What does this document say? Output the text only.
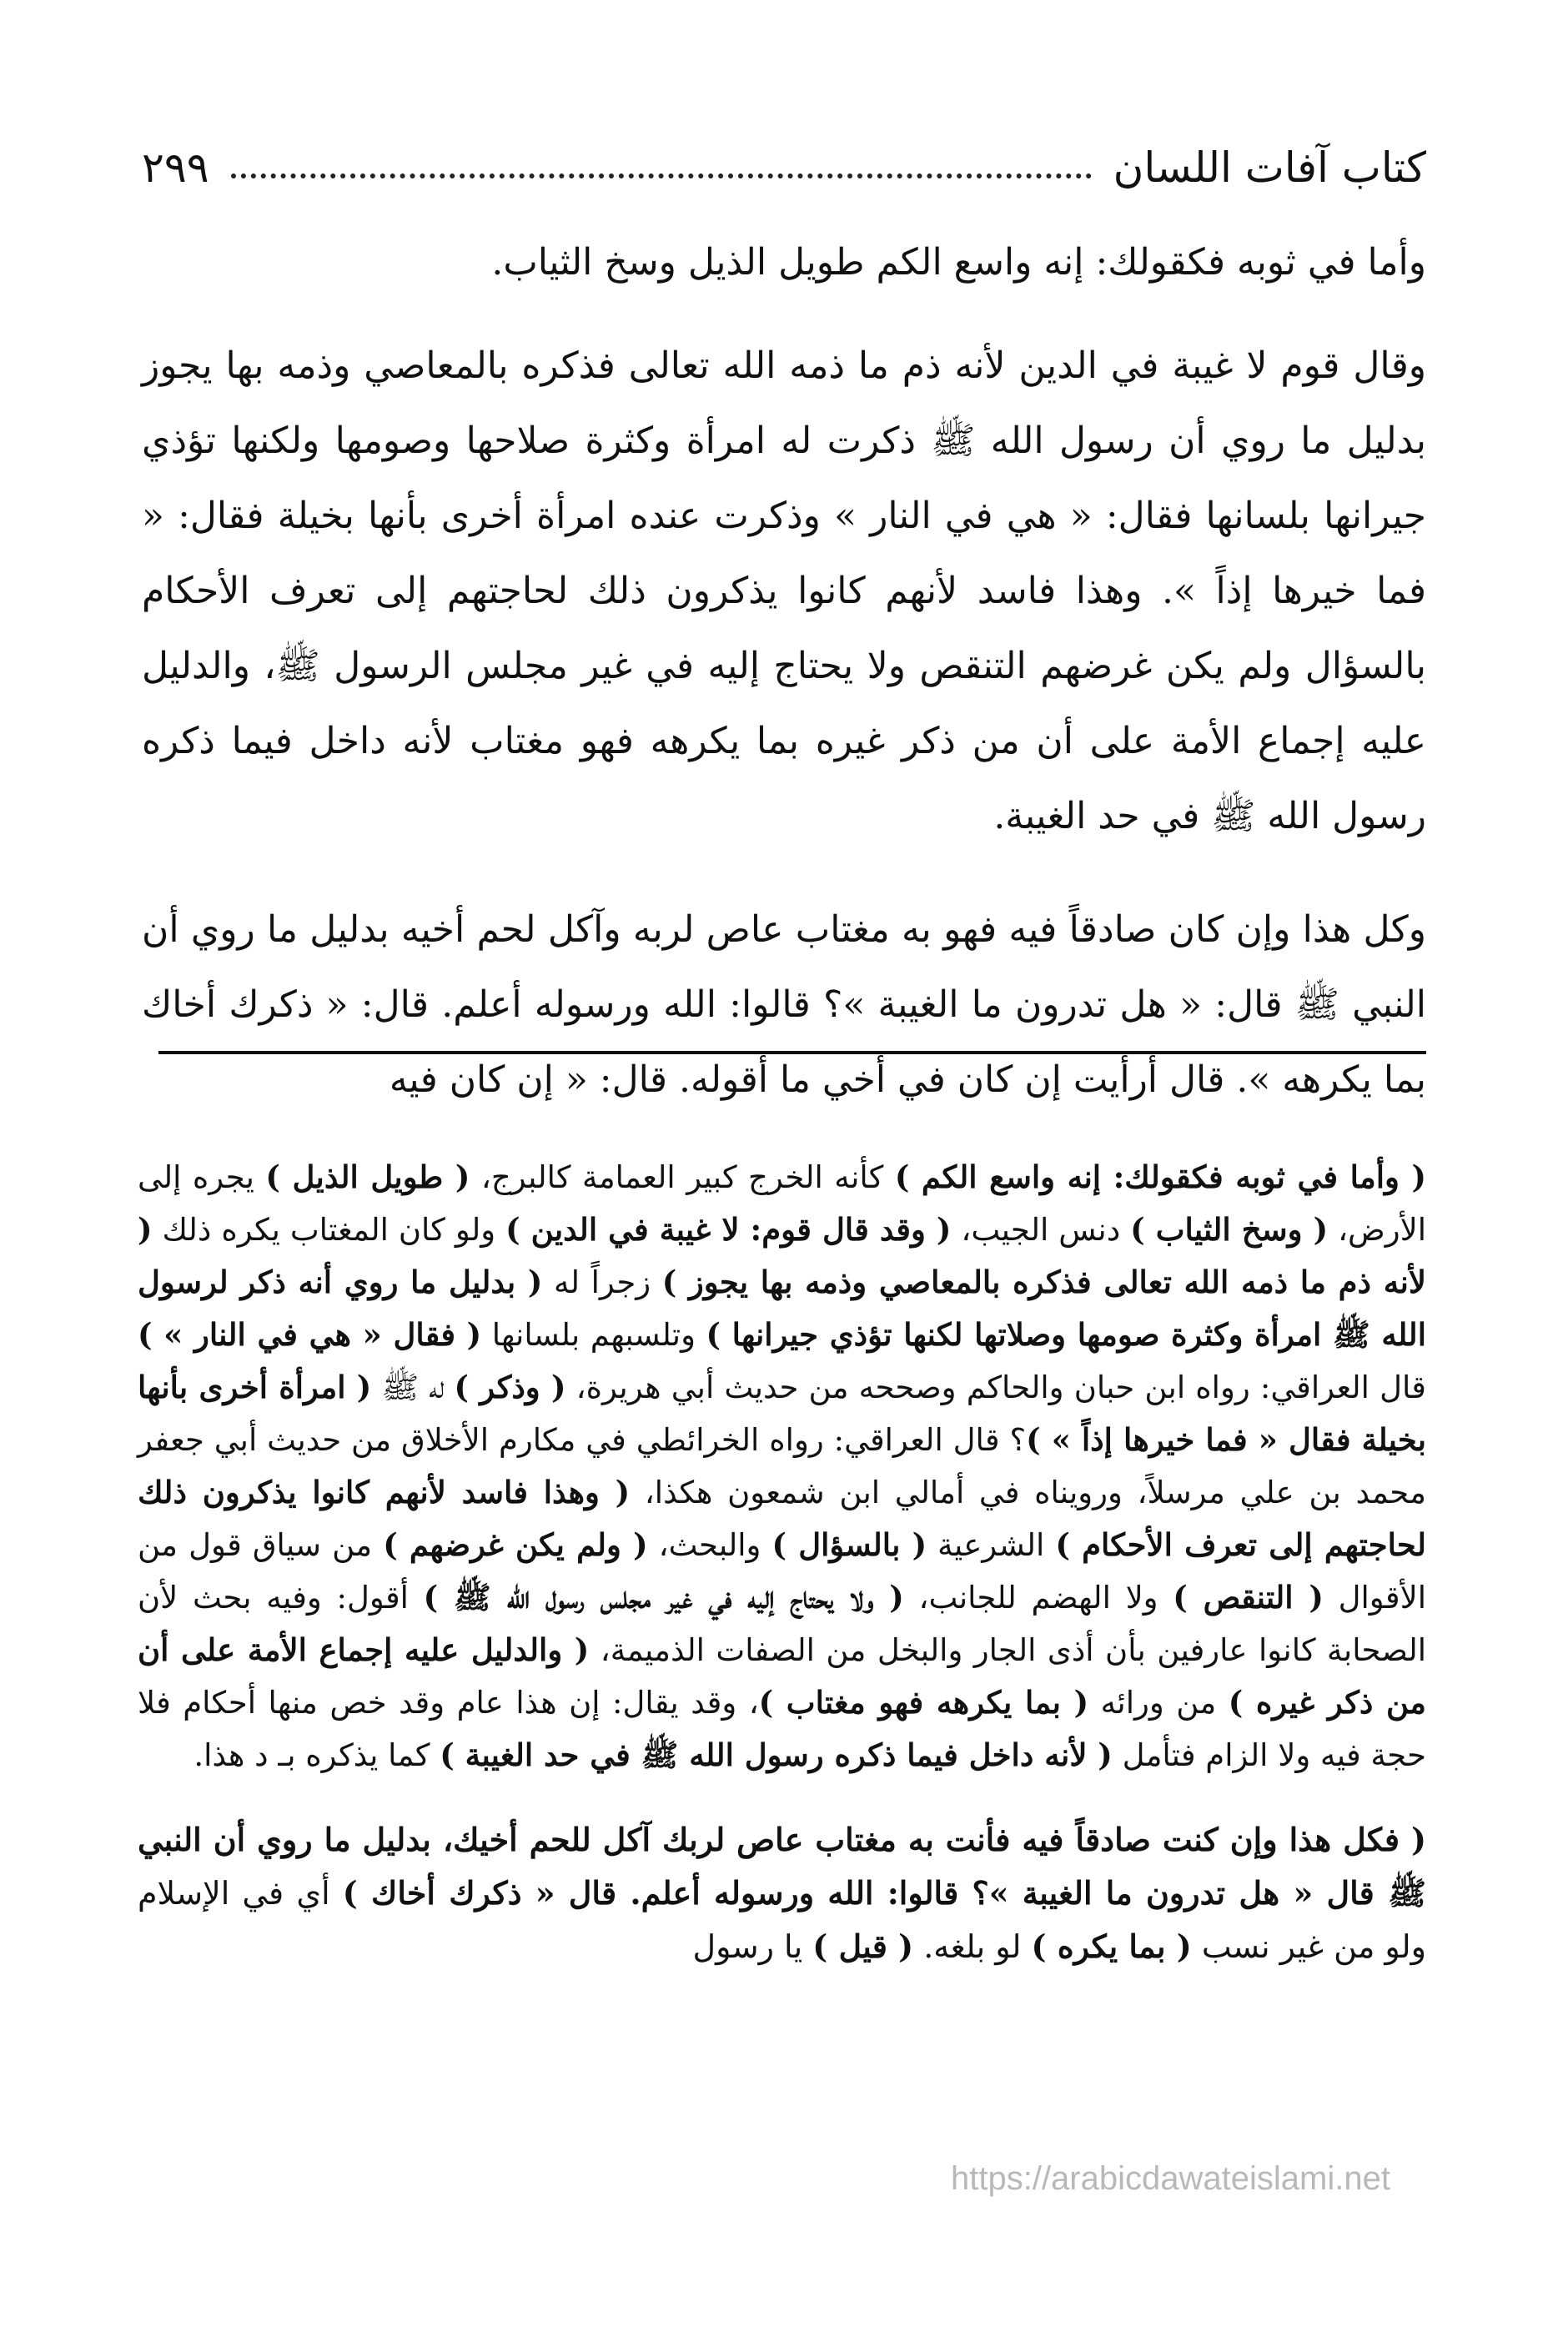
كتاب آفات اللسان
٢٩٩

وأما في ثوبه فكقولك: إنه واسع الكم طويل الذيل وسخ الثياب.

وقال قوم لا غيبة في الدين لأنه ذم ما ذمه الله تعالى فذكره بالمعاصي وذمه بها يجوز بدليل ما روي أن رسول الله ﷺ ذكرت له امرأة وكثرة صلاحها وصومها ولكنها تؤذي جيرانها بلسانها فقال: « هي في النار » وذكرت عنده امرأة أخرى بأنها بخيلة فقال: « فما خيرها إذاً ». وهذا فاسد لأنهم كانوا يذكرون ذلك لحاجتهم إلى تعرف الأحكام بالسؤال ولم يكن غرضهم التنقص ولا يحتاج إليه في غير مجلس الرسول ﷺ، والدليل عليه إجماع الأمة على أن من ذكر غيره بما يكرهه فهو مغتاب لأنه داخل فيما ذكره رسول الله ﷺ في حد الغيبة.

وكل هذا وإن كان صادقاً فيه فهو به مغتاب عاص لربه وآكل لحم أخيه بدليل ما روي أن النبي ﷺ قال: « هل تدرون ما الغيبة »؟ قالوا: الله ورسوله أعلم. قال: « ذكرك أخاك بما يكرهه ». قال أرأيت إن كان في أخي ما أقوله. قال: « إن كان فيه

( وأما في ثوبه فكقولك: إنه واسع الكم ) كأنه الخرج كبير العمامة كالبرج، ( طويل الذيل ) يجره إلى الأرض، ( وسخ الثياب ) دنس الجيب، ( وقد قال قوم: لا غيبة في الدين ) ولو كان المغتاب يكره ذلك ( لأنه ذم ما ذمه الله تعالى فذكره بالمعاصي وذمه بها يجوز ) زجراً له ( بدليل ما روي أنه ذكر لرسول الله ﷺ امرأة وكثرة صومها وصلاتها لكنها تؤذي جيرانها ) وتلسبهم بلسانها ( فقال « هي في النار » ) قال العراقي: رواه ابن حبان والحاكم وصححه من حديث أبي هريرة، ( وذكر ) له ﷺ ( امرأة أخرى بأنها بخيلة فقال « فما خيرها إذاً » )؟ قال العراقي: رواه الخرائطي في مكارم الأخلاق من حديث أبي جعفر محمد بن علي مرسلاً، ورويناه في أمالي ابن شمعون هكذا، ( وهذا فاسد لأنهم كانوا يذكرون ذلك لحاجتهم إلى تعرف الأحكام ) الشرعية ( بالسؤال ) والبحث، ( ولم يكن غرضهم ) من سياق قول من الأقوال ( التنقص ) ولا الهضم للجانب، ( ولا يحتاج إليه في غير مجلس رسول الله ﷺ ) أقول: وفيه بحث لأن الصحابة كانوا عارفين بأن أذى الجار والبخل من الصفات الذميمة، ( والدليل عليه إجماع الأمة على أن من ذكر غيره ) من ورائه ( بما يكرهه فهو مغتاب )، وقد يقال: إن هذا عام وقد خص منها أحكام فلا حجة فيه ولا الزام فتأمل ( لأنه داخل فيما ذكره رسول الله ﷺ في حد الغيبة ) كما يذكره بـ د هذا.

( فكل هذا وإن كنت صادقاً فيه فأنت به مغتاب عاص لربك آكل للحم أخيك، بدليل ما روي أن النبي ﷺ قال « هل تدرون ما الغيبة »؟ قالوا: الله ورسوله أعلم. قال « ذكرك أخاك ) أي في الإسلام ولو من غير نسب ( بما يكره ) لو بلغه. ( قيل ) يا رسول

https://arabicdawateislami.net
